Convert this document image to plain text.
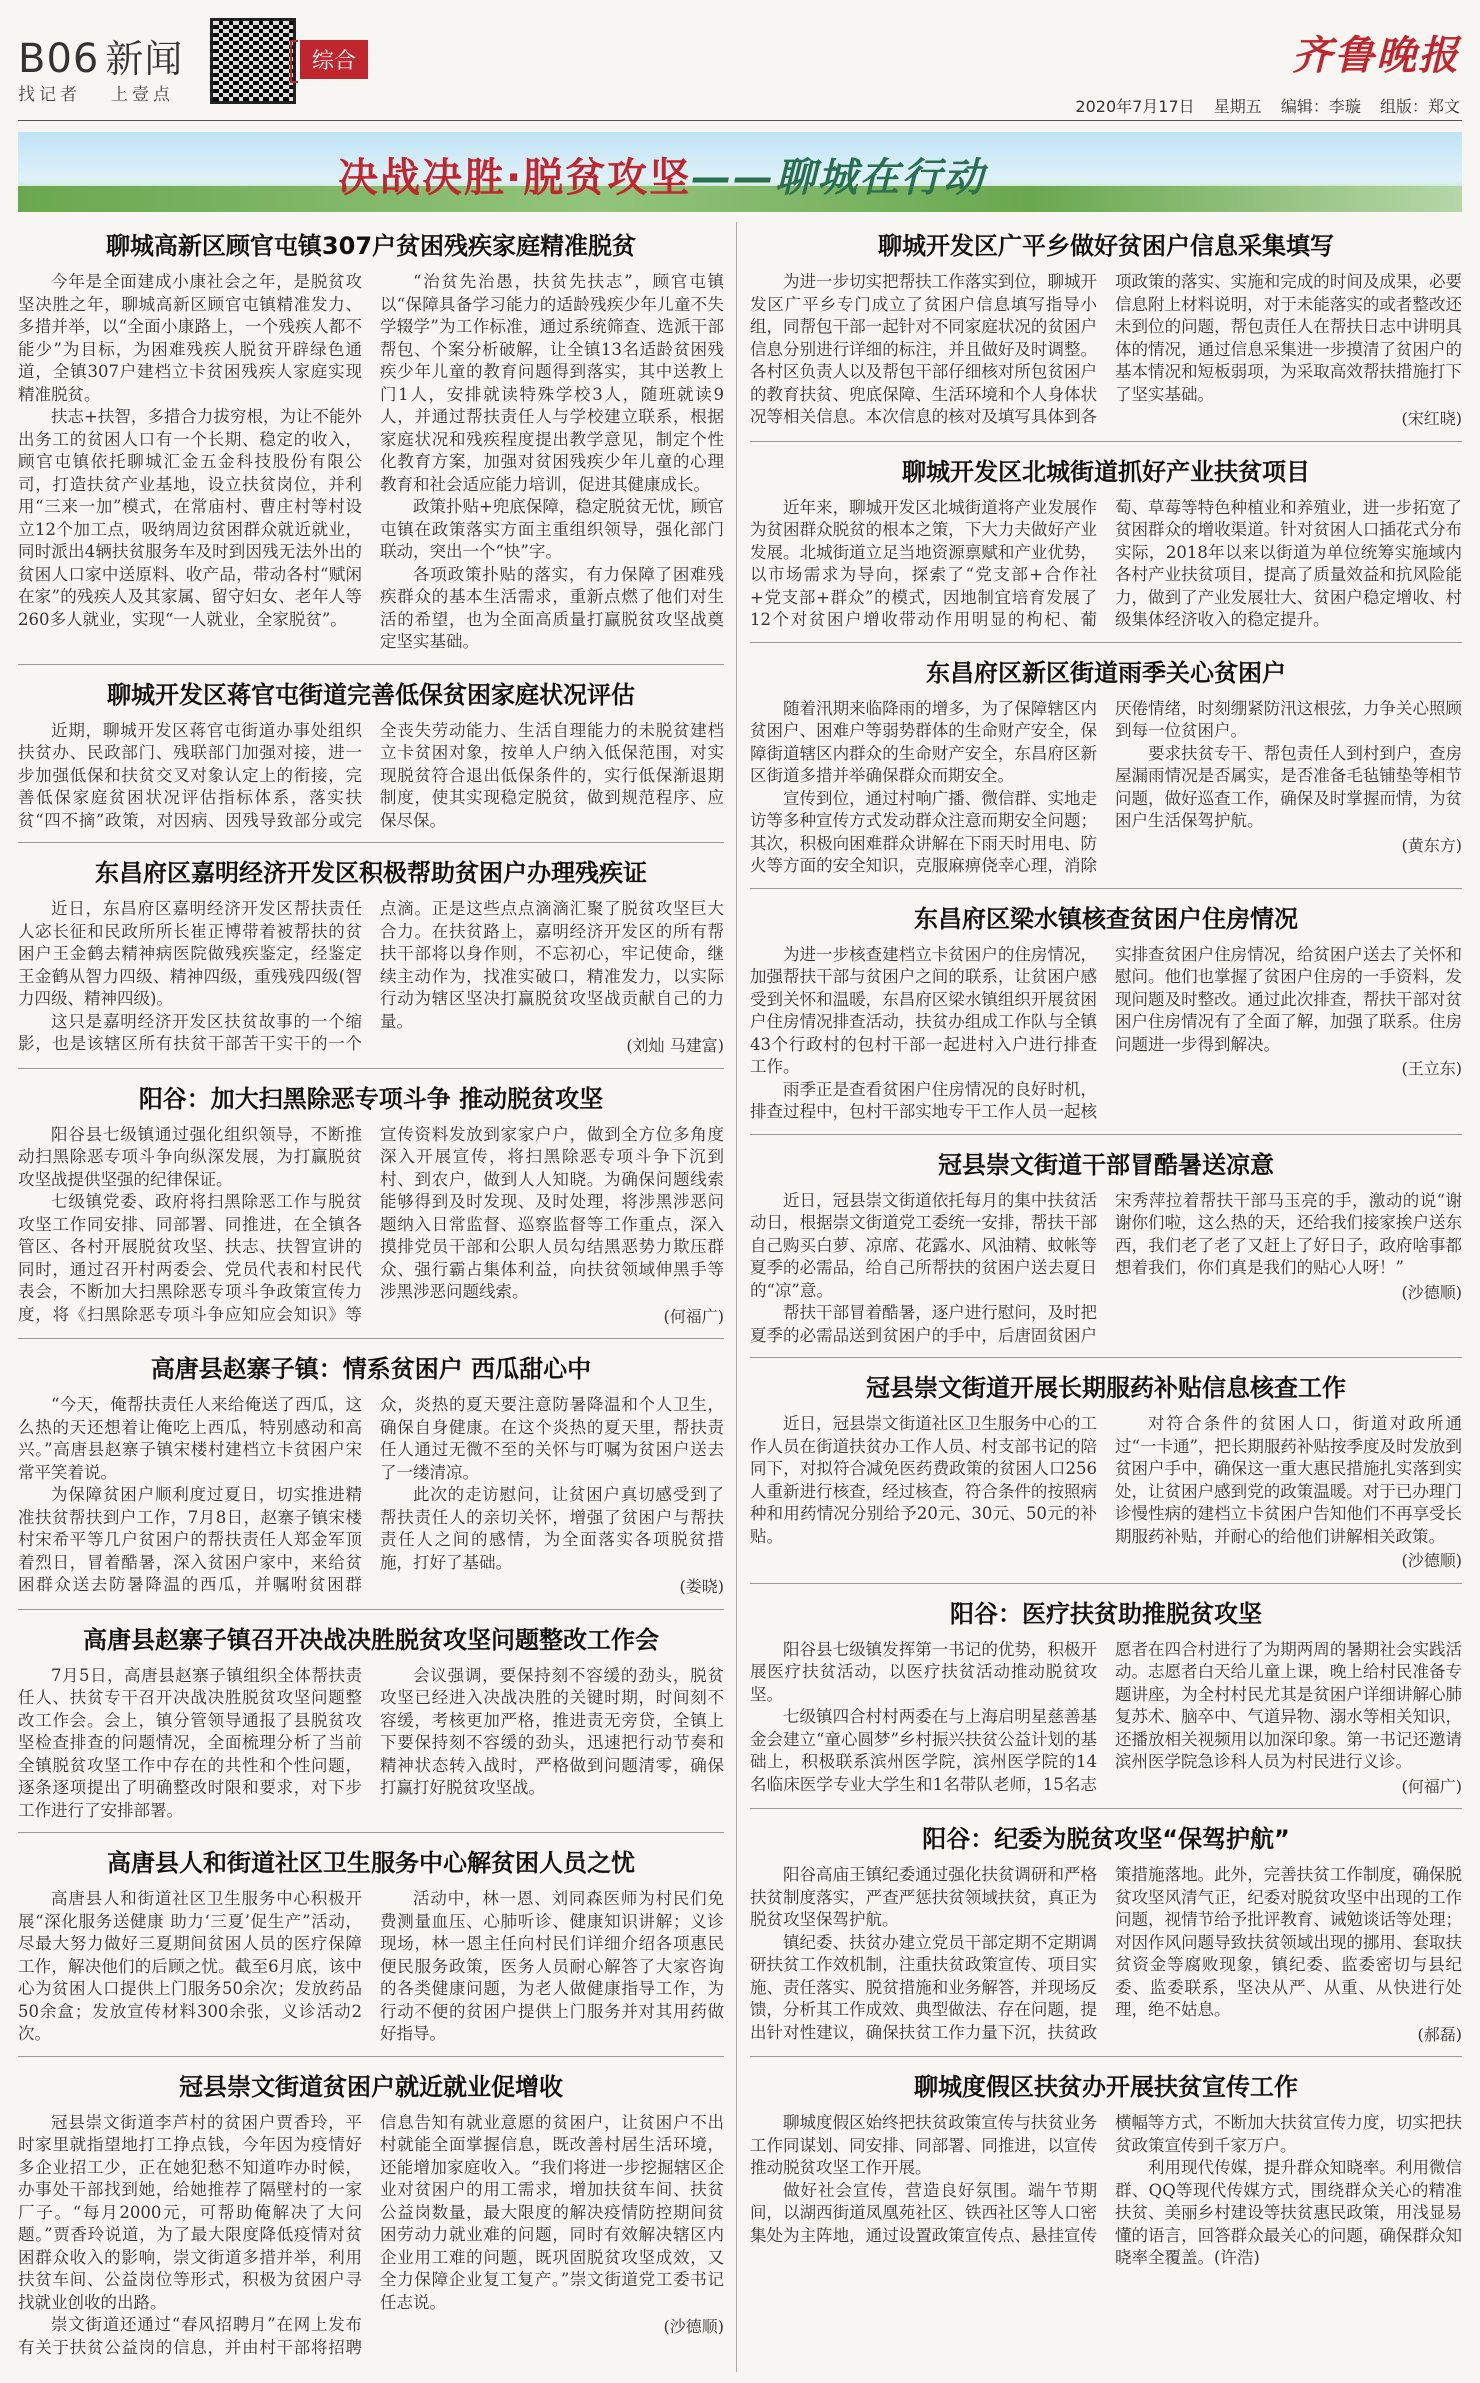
B06 新闻
找记者 上壹点
综合	齐鲁晚报
2020年7月17日 星期五 编辑：李璇 组版：郑文
决战决胜·脱贫攻坚——聊城在行动
聊城高新区顾官屯镇307户贫困残疾家庭精准脱贫

今年是全面建成小康社会之年，是脱贫攻坚决胜之年，聊城高新区顾官屯镇精准发力、多措并举，以“全面小康路上，一个残疾人都不能少”为目标，为困难残疾人脱贫开辟绿色通道，全镇307户建档立卡贫困残疾人家庭实现精准脱贫。

扶志+扶智，多措合力拔穷根，为让不能外出务工的贫困人口有一个长期、稳定的收入，顾官屯镇依托聊城汇金五金科技股份有限公司，打造扶贫产业基地，设立扶贫岗位，并利用“三来一加”模式，在常庙村、曹庄村等村设立12个加工点，吸纳周边贫困群众就近就业，同时派出4辆扶贫服务车及时到因残无法外出的贫困人口家中送原料、收产品，带动各村“赋闲在家”的残疾人及其家属、留守妇女、老年人等260多人就业，实现“一人就业，全家脱贫”。

“治贫先治愚，扶贫先扶志”，顾官屯镇以“保障具备学习能力的适龄残疾少年儿童不失学辍学”为工作标准，通过系统筛查、选派干部帮包、个案分析破解，让全镇13名适龄贫困残疾少年儿童的教育问题得到落实，其中送教上门1人，安排就读特殊学校3人，随班就读9人，并通过帮扶责任人与学校建立联系，根据家庭状况和残疾程度提出教学意见，制定个性化教育方案，加强对贫困残疾少年儿童的心理教育和社会适应能力培训，促进其健康成长。

政策扑贴+兜底保障，稳定脱贫无忧，顾官屯镇在政策落实方面主重组织领导，强化部门联动，突出一个“快”字。

各项政策扑贴的落实，有力保障了困难残疾群众的基本生活需求，重新点燃了他们对生活的希望，也为全面高质量打赢脱贫攻坚战奠定坚实基础。

聊城开发区蒋官屯街道完善低保贫困家庭状况评估

近期，聊城开发区蒋官屯街道办事处组织扶贫办、民政部门、残联部门加强对接，进一步加强低保和扶贫交叉对象认定上的衔接，完善低保家庭贫困状况评估指标体系，落实扶贫“四不摘”政策，对因病、因残导致部分或完全丧失劳动能力、生活自理能力的未脱贫建档立卡贫困对象，按单人户纳入低保范围，对实现脱贫符合退出低保条件的，实行低保渐退期制度，使其实现稳定脱贫，做到规范程序、应保尽保。

东昌府区嘉明经济开发区积极帮助贫困户办理残疾证

近日，东昌府区嘉明经济开发区帮扶责任人宓长征和民政所所长崔正博带着被帮扶的贫困户王金鹤去精神病医院做残疾鉴定，经鉴定王金鹤从智力四级、精神四级，重残残四级(智力四级、精神四级)。

这只是嘉明经济开发区扶贫故事的一个缩影，也是该辖区所有扶贫干部苦干实干的一个点滴。正是这些点点滴滴汇聚了脱贫攻坚巨大合力。在扶贫路上，嘉明经济开发区的所有帮扶干部将以身作则，不忘初心，牢记使命，继续主动作为，找准实破口，精准发力，以实际行动为辖区坚决打赢脱贫攻坚战贡献自己的力量。

(刘灿 马建富)
阳谷：加大扫黑除恶专项斗争 推动脱贫攻坚

阳谷县七级镇通过强化组织领导，不断推动扫黑除恶专项斗争向纵深发展，为打赢脱贫攻坚战提供坚强的纪律保证。

七级镇党委、政府将扫黑除恶工作与脱贫攻坚工作同安排、同部署、同推进，在全镇各管区、各村开展脱贫攻坚、扶志、扶智宣讲的同时，通过召开村两委会、党员代表和村民代表会，不断加大扫黑除恶专项斗争政策宣传力度，将《扫黑除恶专项斗争应知应会知识》等宣传资料发放到家家户户，做到全方位多角度深入开展宣传，将扫黑除恶专项斗争下沉到村、到农户，做到人人知晓。为确保问题线索能够得到及时发现、及时处理，将涉黑涉恶问题纳入日常监督、巡察监督等工作重点，深入摸排党员干部和公职人员勾结黑恶势力欺压群众、强行霸占集体利益，向扶贫领域伸黑手等涉黑涉恶问题线索。

(何福广)
高唐县赵寨子镇：情系贫困户 西瓜甜心中

“今天，俺帮扶责任人来给俺送了西瓜，这么热的天还想着让俺吃上西瓜，特别感动和高兴。”高唐县赵寨子镇宋楼村建档立卡贫困户宋常平笑着说。

为保障贫困户顺利度过夏日，切实推进精准扶贫帮扶到户工作，7月8日，赵寨子镇宋楼村宋希平等几户贫困户的帮扶责任人郑金军顶着烈日，冒着酷暑，深入贫困户家中，来给贫困群众送去防暑降温的西瓜，并嘱咐贫困群众，炎热的夏天要注意防暑降温和个人卫生，确保自身健康。在这个炎热的夏天里，帮扶责任人通过无微不至的关怀与叮嘱为贫困户送去了一缕清凉。

此次的走访慰问，让贫困户真切感受到了帮扶责任人的亲切关怀，增强了贫困户与帮扶责任人之间的感情，为全面落实各项脱贫措施，打好了基础。

(娄晓)
高唐县赵寨子镇召开决战决胜脱贫攻坚问题整改工作会

7月5日，高唐县赵寨子镇组织全体帮扶责任人、扶贫专干召开决战决胜脱贫攻坚问题整改工作会。会上，镇分管领导通报了县脱贫攻坚检查排查的问题情况，全面梳理分析了当前全镇脱贫攻坚工作中存在的共性和个性问题，逐条逐项提出了明确整改时限和要求，对下步工作进行了安排部署。

会议强调，要保持刻不容缓的劲头，脱贫攻坚已经进入决战决胜的关键时期，时间刻不容缓，考核更加严格，推进责无旁贷，全镇上下要保持刻不容缓的劲头，迅速把行动节奏和精神状态转入战时，严格做到问题清零，确保打赢打好脱贫攻坚战。

高唐县人和街道社区卫生服务中心解贫困人员之忧

高唐县人和街道社区卫生服务中心积极开展“深化服务送健康 助力‘三夏’促生产”活动，尽最大努力做好三夏期间贫困人员的医疗保障工作，解决他们的后顾之忧。截至6月底，该中心为贫困人口提供上门服务50余次；发放药品50余盒；发放宣传材料300余张，义诊活动2次。

活动中，林一恩、刘同森医师为村民们免费测量血压、心肺听诊、健康知识讲解；义诊现场，林一恩主任向村民们详细介绍各项惠民便民服务政策，医务人员耐心解答了大家咨询的各类健康问题，为老人做健康指导工作，为行动不便的贫困户提供上门服务并对其用药做好指导。

冠县崇文街道贫困户就近就业促增收

冠县崇文街道李芦村的贫困户贾香玲，平时家里就指望地打工挣点钱，今年因为疫情好多企业招工少，正在她犯愁不知道咋办时候，办事处干部找到她，给她推荐了隔壁村的一家厂子。“每月2000元，可帮助俺解决了大问题。”贾香玲说道，为了最大限度降低疫情对贫困群众收入的影响，崇文街道多措并举，利用扶贫车间、公益岗位等形式，积极为贫困户寻找就业创收的出路。

崇文街道还通过“春风招聘月”在网上发布有关于扶贫公益岗的信息，并由村干部将招聘信息告知有就业意愿的贫困户，让贫困户不出村就能全面掌握信息，既改善村居生活环境，还能增加家庭收入。“我们将进一步挖掘辖区企业对贫困户的用工需求，增加扶贫车间、扶贫公益岗数量，最大限度的解决疫情防控期间贫困劳动力就业难的问题，同时有效解决辖区内企业用工难的问题，既巩固脱贫攻坚成效，又全力保障企业复工复产。”崇文街道党工委书记任志说。

(沙德顺)
聊城开发区广平乡做好贫困户信息采集填写

为进一步切实把帮扶工作落实到位，聊城开发区广平乡专门成立了贫困户信息填写指导小组，同帮包干部一起针对不同家庭状况的贫困户信息分别进行详细的标注，并且做好及时调整。各村区负责人以及帮包干部仔细核对所包贫困户的教育扶贫、兜底保障、生活环境和个人身体状况等相关信息。本次信息的核对及填写具体到各项政策的落实、实施和完成的时间及成果，必要信息附上材料说明，对于未能落实的或者整改还未到位的问题，帮包责任人在帮扶日志中讲明具体的情况，通过信息采集进一步摸清了贫困户的基本情况和短板弱项，为采取高效帮扶措施打下了坚实基础。

(宋红晓)
聊城开发区北城街道抓好产业扶贫项目

近年来，聊城开发区北城街道将产业发展作为贫困群众脱贫的根本之策，下大力夫做好产业发展。北城街道立足当地资源禀赋和产业优势，以市场需求为导向，探索了“党支部+合作社+党支部+群众”的模式，因地制宜培育发展了12个对贫困户增收带动作用明显的枸杞、葡萄、草莓等特色种植业和养殖业，进一步拓宽了贫困群众的增收渠道。针对贫困人口插花式分布实际，2018年以来以街道为单位统筹实施域内各村产业扶贫项目，提高了质量效益和抗风险能力，做到了产业发展壮大、贫困户稳定增收、村级集体经济收入的稳定提升。

东昌府区新区街道雨季关心贫困户

随着汛期来临降雨的增多，为了保障辖区内贫困户、困难户等弱势群体的生命财产安全，保障街道辖区内群众的生命财产安全，东昌府区新区街道多措并举确保群众而期安全。

宣传到位，通过村响广播、微信群、实地走访等多种宣传方式发动群众注意而期安全问题；其次，积极向困难群众讲解在下雨天时用电、防火等方面的安全知识，克服麻痹侥幸心理，消除厌倦情绪，时刻绷紧防汛这根弦，力争关心照顾到每一位贫困户。

要求扶贫专干、帮包责任人到村到户，查房屋漏雨情况是否属实，是否准备毛毡铺垫等相节问题，做好巡查工作，确保及时掌握而情，为贫困户生活保驾护航。

(黄东方)
东昌府区梁水镇核查贫困户住房情况

为进一步核查建档立卡贫困户的住房情况，加强帮扶干部与贫困户之间的联系，让贫困户感受到关怀和温暖，东昌府区梁水镇组织开展贫困户住房情况排查活动，扶贫办组成工作队与全镇43个行政村的包村干部一起进村入户进行排查工作。

雨季正是查看贫困户住房情况的良好时机，排查过程中，包村干部实地专干工作人员一起核实排查贫困户住房情况，给贫困户送去了关怀和慰问。他们也掌握了贫困户住房的一手资料，发现问题及时整改。通过此次排查，帮扶干部对贫困户住房情况有了全面了解，加强了联系。住房问题进一步得到解决。

(王立东)
冠县崇文街道干部冒酷暑送凉意

近日，冠县崇文街道依托每月的集中扶贫活动日，根据崇文街道党工委统一安排，帮扶干部自己购买白萝、凉席、花露水、风油精、蚊帐等夏季的必需品，给自己所帮扶的贫困户送去夏日的“凉”意。

帮扶干部冒着酷暑，逐户进行慰问，及时把夏季的必需品送到贫困户的手中，后唐固贫困户宋秀萍拉着帮扶干部马玉亮的手，激动的说“谢谢你们啦，这么热的天，还给我们接家挨户送东西，我们老了老了又赶上了好日子，政府啥事都想着我们，你们真是我们的贴心人呀！”

(沙德顺)
冠县崇文街道开展长期服药补贴信息核查工作

近日，冠县崇文街道社区卫生服务中心的工作人员在街道扶贫办工作人员、村支部书记的陪同下，对拟符合减免医药费政策的贫困人口256人重新进行核查，经过核查，符合条件的按照病种和用药情况分别给予20元、30元、50元的补贴。

对符合条件的贫困人口，街道对政所通过“一卡通”，把长期服药补贴按季度及时发放到贫困户手中，确保这一重大惠民措施扎实落到实处，让贫困户感到党的政策温暖。对于已办理门诊慢性病的建档立卡贫困户告知他们不再享受长期服药补贴，并耐心的给他们讲解相关政策。

(沙德顺)
阳谷：医疗扶贫助推脱贫攻坚

阳谷县七级镇发挥第一书记的优势，积极开展医疗扶贫活动，以医疗扶贫活动推动脱贫攻坚。

七级镇四合村村两委在与上海启明星慈善基金会建立“童心圆梦”乡村振兴扶贫公益计划的基础上，积极联系滨州医学院，滨州医学院的14名临床医学专业大学生和1名带队老师，15名志愿者在四合村进行了为期两周的暑期社会实践活动。志愿者白天给儿童上课，晚上给村民准备专题讲座，为全村村民尤其是贫困户详细讲解心肺复苏术、脑卒中、气道异物、溺水等相关知识，还播放相关视频用以加深印象。第一书记还邀请滨州医学院急诊科人员为村民进行义诊。

(何福广)
阳谷：纪委为脱贫攻坚“保驾护航”

阳谷高庙王镇纪委通过强化扶贫调研和严格扶贫制度落实，严查严惩扶贫领域扶贫，真正为脱贫攻坚保驾护航。

镇纪委、扶贫办建立党员干部定期不定期调研扶贫工作效机制，注重扶贫政策宣传、项目实施、责任落实、脱贫措施和业务解答，并现场反馈，分析其工作成效、典型做法、存在问题，提出针对性建议，确保扶贫工作力量下沉，扶贫政策措施落地。此外，完善扶贫工作制度，确保脱贫攻坚风清气正，纪委对脱贫攻坚中出现的工作问题，视情节给予批评教育、诫勉谈话等处理；对因作风问题导致扶贫领域出现的挪用、套取扶贫资金等腐败现象，镇纪委、监委密切与县纪委、监委联系，坚决从严、从重、从快进行处理，绝不姑息。

(郝磊)
聊城度假区扶贫办开展扶贫宣传工作

聊城度假区始终把扶贫政策宣传与扶贫业务工作同谋划、同安排、同部署、同推进，以宣传推动脱贫攻坚工作开展。

做好社会宣传，营造良好氛围。端午节期间，以湖西街道凤凰苑社区、铁西社区等人口密集处为主阵地，通过设置政策宣传点、悬挂宣传横幅等方式，不断加大扶贫宣传力度，切实把扶贫政策宣传到千家万户。

利用现代传媒，提升群众知晓率。利用微信群、QQ等现代传媒方式，围绕群众关心的精准扶贫、美丽乡村建设等扶贫惠民政策，用浅显易懂的语言，回答群众最关心的问题，确保群众知晓率全覆盖。(许浩)
